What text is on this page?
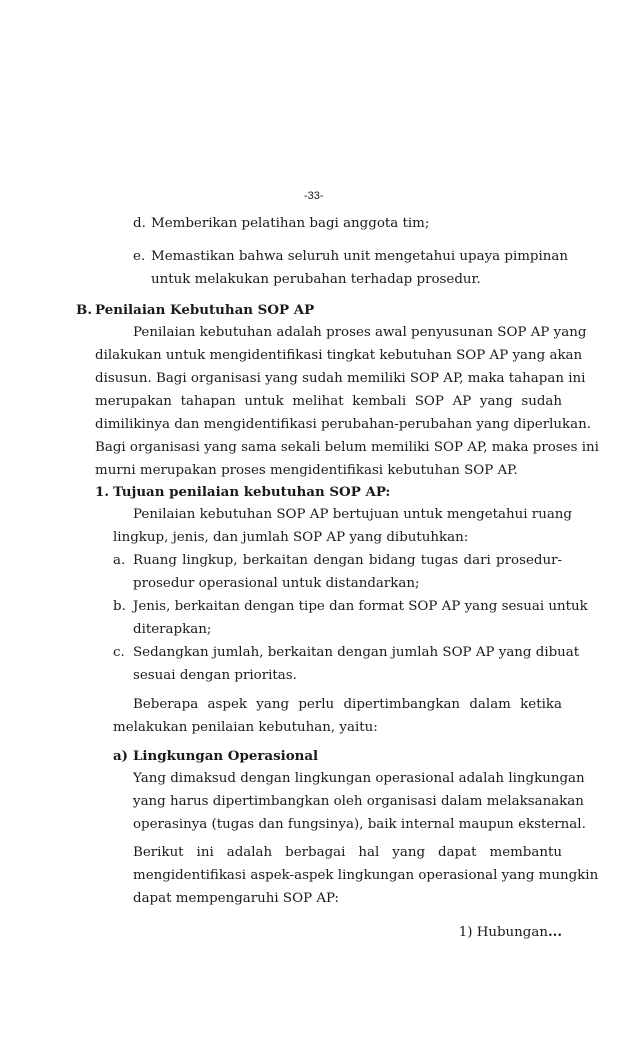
-33-
d. Memberikan pelatihan bagi anggota tim;
e. Memastikan bahwa seluruh unit mengetahui upaya pimpinan
untuk melakukan perubahan terhadap prosedur.
B. Penilaian Kebutuhan SOP AP
Penilaian kebutuhan adalah proses awal penyusunan SOP AP yang
dilakukan untuk mengidentifikasi tingkat kebutuhan SOP AP yang akan
disusun. Bagi organisasi yang sudah memiliki SOP AP, maka tahapan ini
merupakan tahapan untuk melihat kembali SOP AP yang sudah
dimilikinya dan mengidentifikasi perubahan-perubahan yang diperlukan.
Bagi organisasi yang sama sekali belum memiliki SOP AP, maka proses ini
murni merupakan proses mengidentifikasi kebutuhan SOP AP.
1. Tujuan penilaian kebutuhan SOP AP:
Penilaian kebutuhan SOP AP bertujuan untuk mengetahui ruang
lingkup, jenis, dan jumlah SOP AP yang dibutuhkan:
a. Ruang lingkup, berkaitan dengan bidang tugas dari prosedur-
prosedur operasional untuk distandarkan;
b. Jenis, berkaitan dengan tipe dan format SOP AP yang sesuai untuk
diterapkan;
c. Sedangkan jumlah, berkaitan dengan jumlah SOP AP yang dibuat
sesuai dengan prioritas.
Beberapa aspek yang perlu dipertimbangkan dalam ketika
melakukan penilaian kebutuhan, yaitu:
a) Lingkungan Operasional
Yang dimaksud dengan lingkungan operasional adalah lingkungan
yang harus dipertimbangkan oleh organisasi dalam melaksanakan
operasinya (tugas dan fungsinya), baik internal maupun eksternal.
Berikut ini adalah berbagai hal yang dapat membantu
mengidentifikasi aspek-aspek lingkungan operasional yang mungkin
dapat mempengaruhi SOP AP:
1) Hubungan...
